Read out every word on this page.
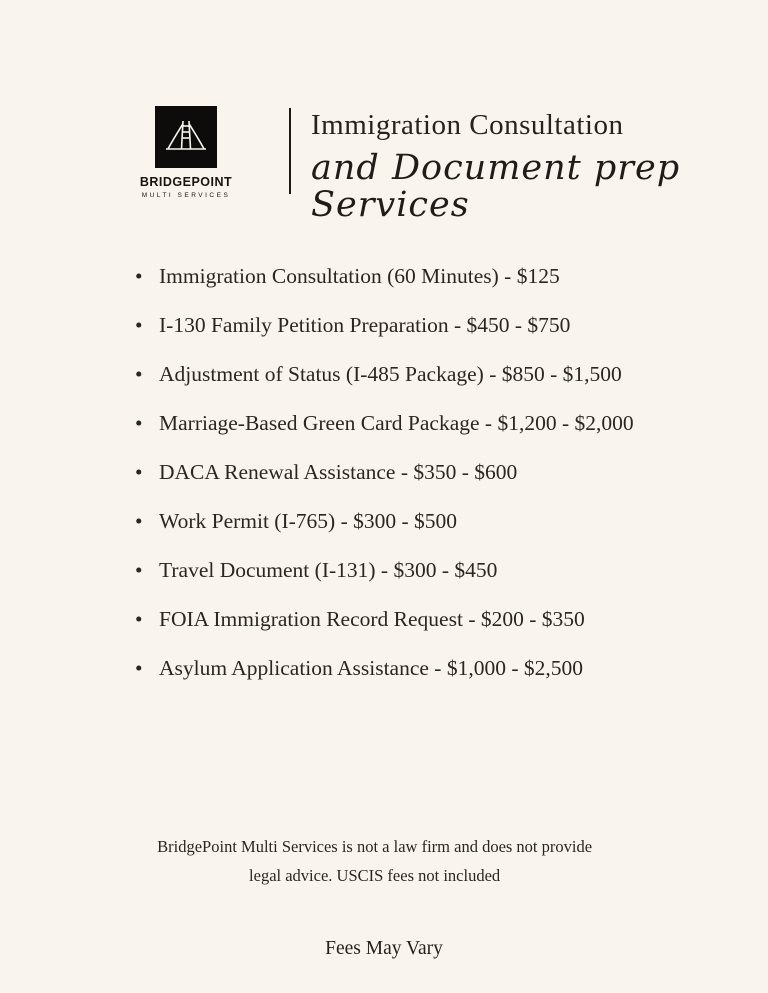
BRIDGEPOINT
MULTI SERVICES
Immigration Consultation
and Document prep
Services
• Immigration Consultation (60 Minutes) - $125
• I-130 Family Petition Preparation - $450 - $750
• Adjustment of Status (I-485 Package) - $850 - $1,500
• Marriage-Based Green Card Package - $1,200 - $2,000
• DACA Renewal Assistance - $350 - $600
• Work Permit (I-765) - $300 - $500
• Travel Document (I-131) - $300 - $450
• FOIA Immigration Record Request - $200 - $350
• Asylum Application Assistance - $1,000 - $2,500
BridgePoint Multi Services is not a law firm and does not provide legal advice. USCIS fees not included
Fees May Vary
